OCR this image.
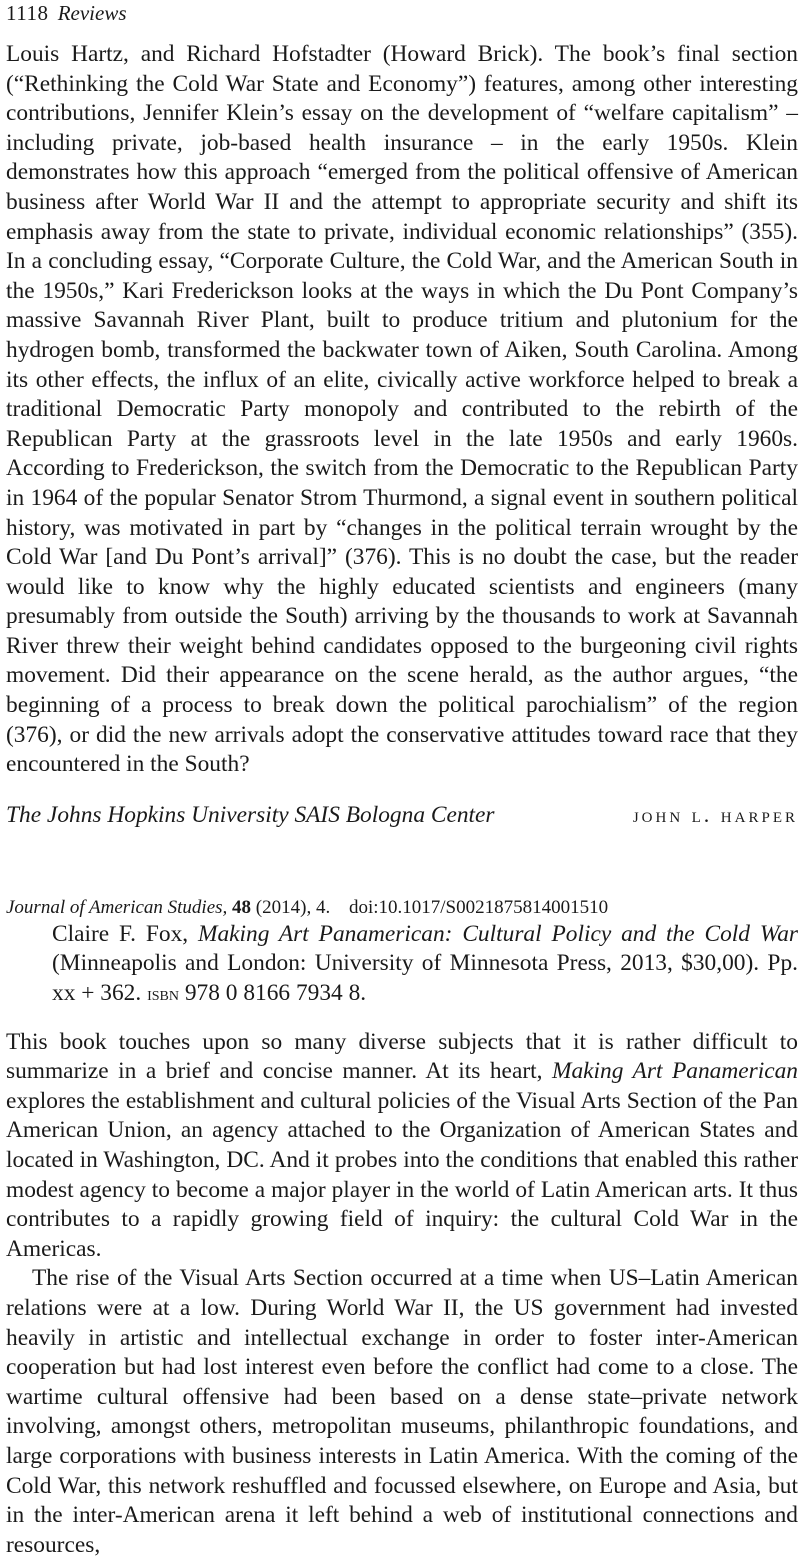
1118 Reviews

Louis Hartz, and Richard Hofstadter (Howard Brick). The book’s final section (“Rethinking the Cold War State and Economy”) features, among other interesting contributions, Jennifer Klein’s essay on the development of “welfare capitalism” – including private, job-based health insurance – in the early 1950s. Klein demonstrates how this approach “emerged from the political offensive of American business after World War II and the attempt to appropriate security and shift its emphasis away from the state to private, individual economic relationships” (355). In a concluding essay, “Corporate Culture, the Cold War, and the American South in the 1950s,” Kari Frederickson looks at the ways in which the Du Pont Company’s massive Savannah River Plant, built to produce tritium and plutonium for the hydrogen bomb, transformed the backwater town of Aiken, South Carolina. Among its other effects, the influx of an elite, civically active workforce helped to break a traditional Democratic Party monopoly and contributed to the rebirth of the Republican Party at the grassroots level in the late 1950s and early 1960s. According to Frederickson, the switch from the Democratic to the Republican Party in 1964 of the popular Senator Strom Thurmond, a signal event in southern political history, was motivated in part by “changes in the political terrain wrought by the Cold War [and Du Pont’s arrival]” (376). This is no doubt the case, but the reader would like to know why the highly educated scientists and engineers (many presumably from outside the South) arriving by the thousands to work at Savannah River threw their weight behind candidates opposed to the burgeoning civil rights movement. Did their appearance on the scene herald, as the author argues, “the beginning of a process to break down the political parochialism” of the region (376), or did the new arrivals adopt the conservative attitudes toward race that they encountered in the South?

The Johns Hopkins University SAIS Bologna Center	john l. harper
Journal of American Studies, 48 (2014), 4. doi:10.1017/S0021875814001510
Claire F. Fox, Making Art Panamerican: Cultural Policy and the Cold War (Minneapolis and London: University of Minnesota Press, 2013, $30,00). Pp. xx + 362. isbn 978 0 8166 7934 8.

This book touches upon so many diverse subjects that it is rather difficult to summarize in a brief and concise manner. At its heart, Making Art Panamerican explores the establishment and cultural policies of the Visual Arts Section of the Pan American Union, an agency attached to the Organization of American States and located in Washington, DC. And it probes into the conditions that enabled this rather modest agency to become a major player in the world of Latin American arts. It thus contributes to a rapidly growing field of inquiry: the cultural Cold War in the Americas.

The rise of the Visual Arts Section occurred at a time when US–Latin American relations were at a low. During World War II, the US government had invested heavily in artistic and intellectual exchange in order to foster inter-American cooperation but had lost interest even before the conflict had come to a close. The wartime cultural offensive had been based on a dense state–private network involving, amongst others, metropolitan museums, philanthropic foundations, and large corporations with business interests in Latin America. With the coming of the Cold War, this network reshuffled and focussed elsewhere, on Europe and Asia, but in the inter-American arena it left behind a web of institutional connections and resources,
